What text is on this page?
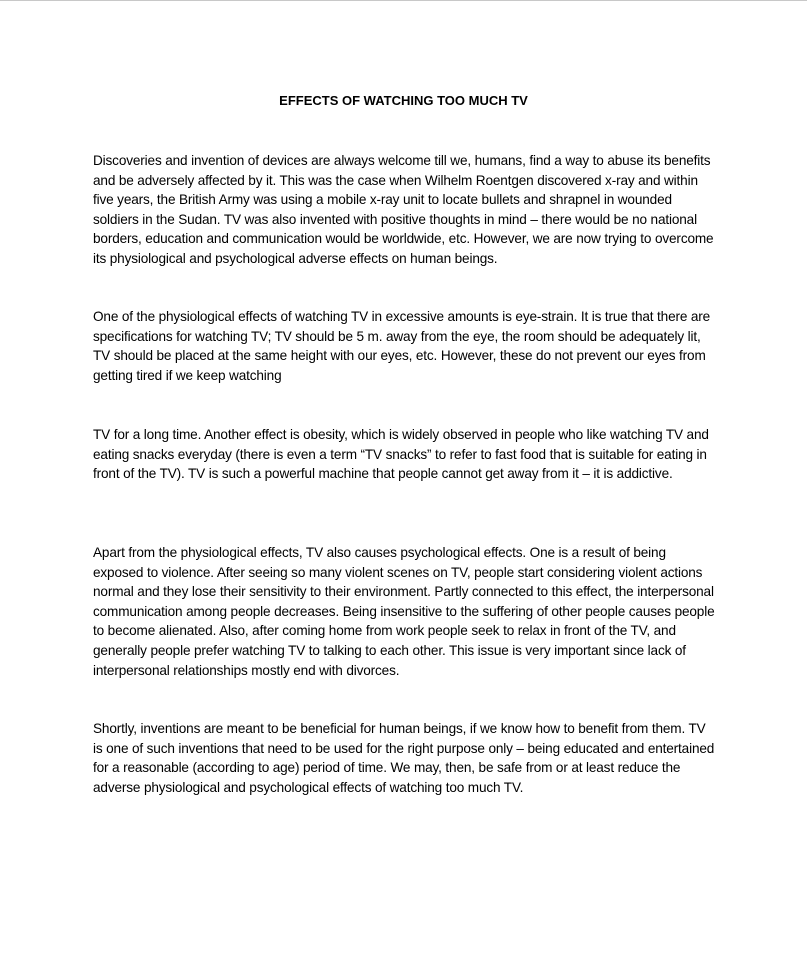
EFFECTS OF WATCHING TOO MUCH TV

Discoveries and invention of devices are always welcome till we, humans, find a way to abuse its benefits and be adversely affected by it. This was the case when Wilhelm Roentgen discovered x-ray and within five years, the British Army was using a mobile x-ray unit to locate bullets and shrapnel in wounded soldiers in the Sudan. TV was also invented with positive thoughts in mind – there would be no national borders, education and communication would be worldwide, etc. However, we are now trying to overcome its physiological and psychological adverse effects on human beings.

One of the physiological effects of watching TV in excessive amounts is eye-strain. It is true that there are specifications for watching TV; TV should be 5 m. away from the eye, the room should be adequately lit, TV should be placed at the same height with our eyes, etc. However, these do not prevent our eyes from getting tired if we keep watching

TV for a long time. Another effect is obesity, which is widely observed in people who like watching TV and eating snacks everyday (there is even a term “TV snacks” to refer to fast food that is suitable for eating in front of the TV). TV is such a powerful machine that people cannot get away from it – it is addictive.

Apart from the physiological effects, TV also causes psychological effects. One is a result of being exposed to violence. After seeing so many violent scenes on TV, people start considering violent actions normal and they lose their sensitivity to their environment. Partly connected to this effect, the interpersonal communication among people decreases. Being insensitive to the suffering of other people causes people to become alienated. Also, after coming home from work people seek to relax in front of the TV, and generally people prefer watching TV to talking to each other. This issue is very important since lack of interpersonal relationships mostly end with divorces.

Shortly, inventions are meant to be beneficial for human beings, if we know how to benefit from them. TV is one of such inventions that need to be used for the right purpose only – being educated and entertained for a reasonable (according to age) period of time. We may, then, be safe from or at least reduce the adverse physiological and psychological effects of watching too much TV.
